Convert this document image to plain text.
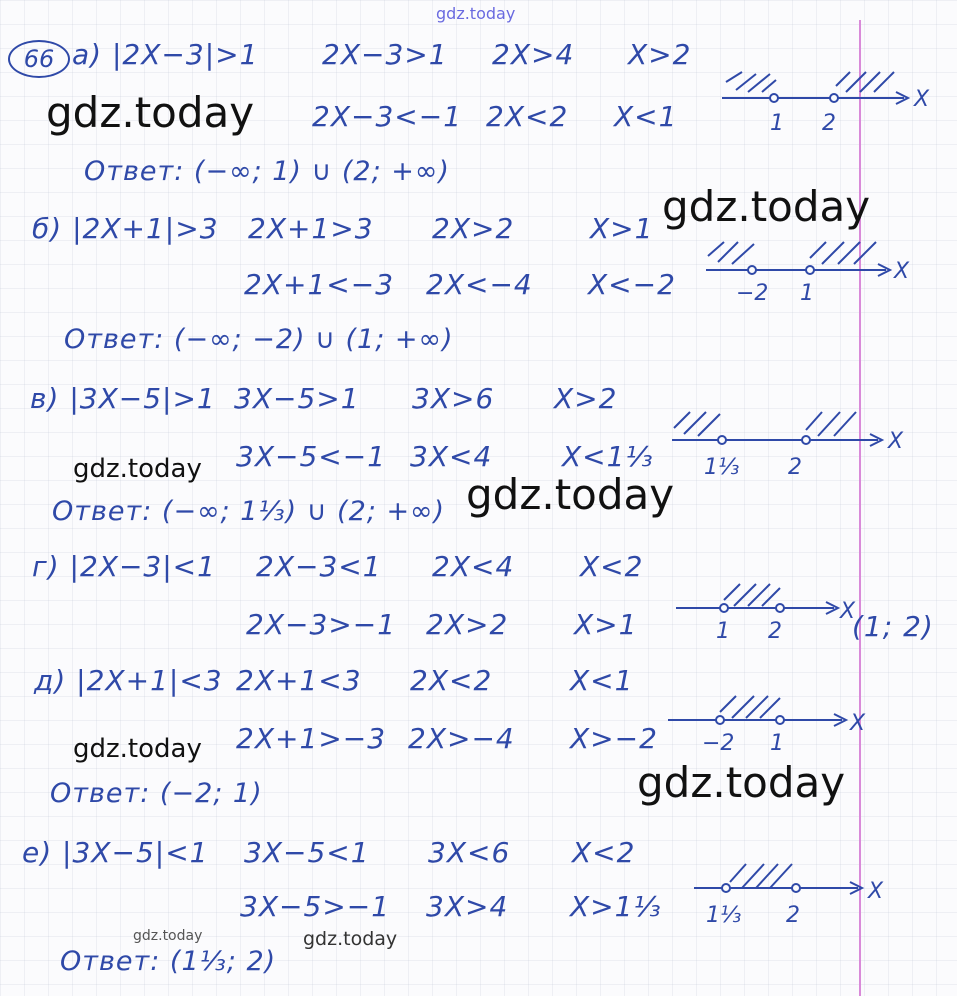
gdz.today
gdz.today
gdz.today
gdz.today
gdz.today
gdz.today
gdz.today
gdz.today	gdz.today
66 а) |2X−3|>1 2X−3>1 2X>4 X>2
2X−3<−1 2X<2 X<1
Ответ: (−∞; 1) ∪ (2; +∞)
1 2
X
б) |2X+1|>3 2X+1>3 2X>2	X>1
2X+1<−3 2X<−4 X<−2
Ответ: (−∞; −2) ∪ (1; +∞)
−2 1
X
в) |3X−5|>1 3X−5>1 3X>6 X>2
3X−5<−1 3X<4 X<1⅓
Ответ: (−∞; 1⅓) ∪ (2; +∞)
1⅓ 2
X
г) |2X−3|<1 2X−3<1 2X<4 X<2
2X−3>−1 2X>2 X>1	1 2
X
(1; 2)
д) |2X+1|<3 2X+1<3 2X<2	X<1
2X+1>−3 2X>−4 X>−2
Ответ: (−2; 1)
−2 1
X
е) |3X−5|<1 3X−5<1 3X<6 X<2
3X−5>−1 3X>4 X>1⅓
Ответ: (1⅓; 2)
1⅓ 2
X
